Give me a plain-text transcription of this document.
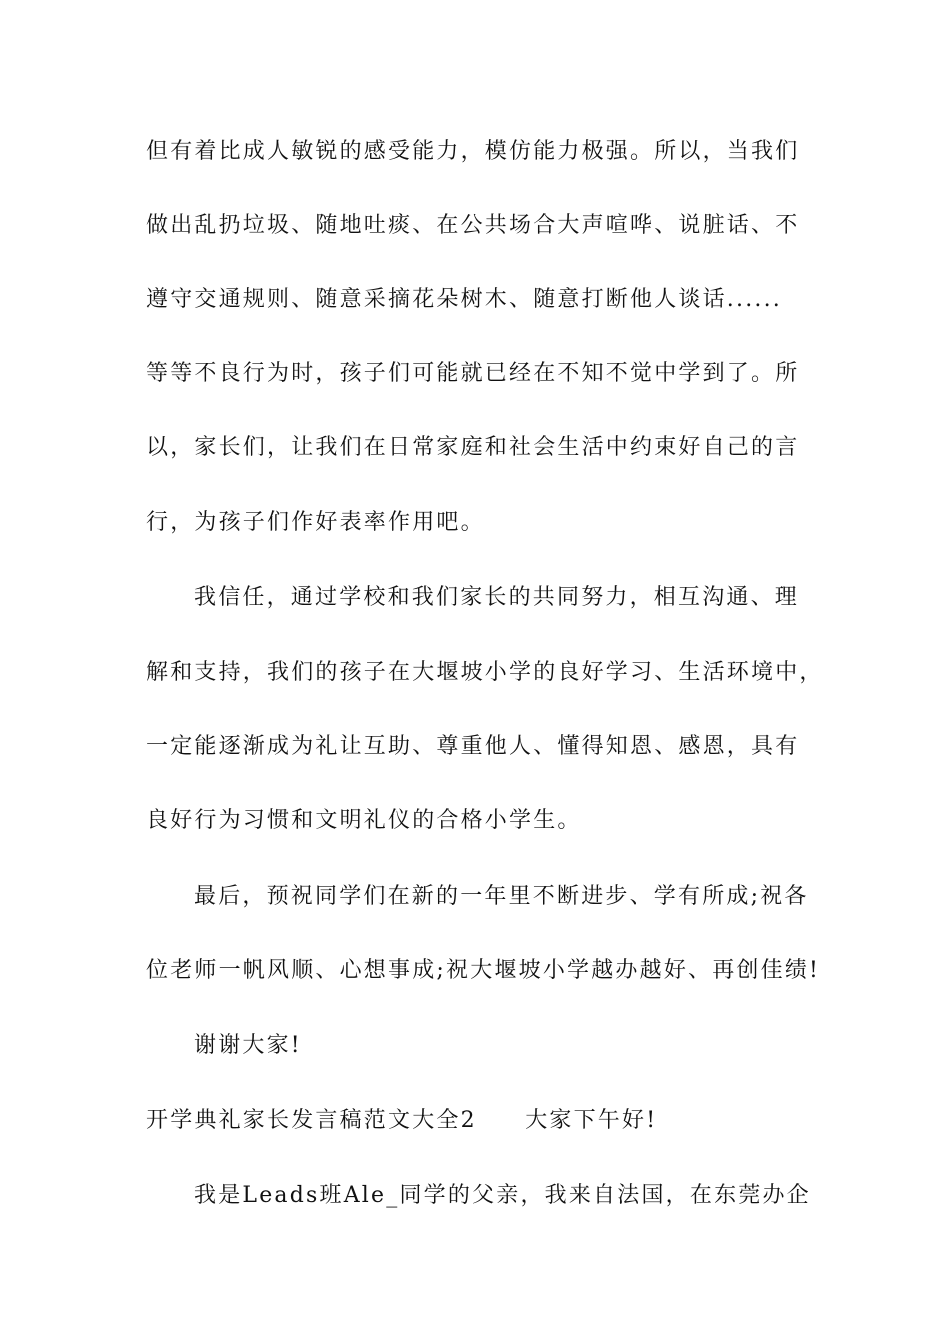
但有着比成人敏锐的感受能力，模仿能力极强。所以，当我们
做出乱扔垃圾、随地吐痰、在公共场合大声喧哗、说脏话、不
遵守交通规则、随意采摘花朵树木、随意打断他人谈话......
等等不良行为时，孩子们可能就已经在不知不觉中学到了。所
以，家长们，让我们在日常家庭和社会生活中约束好自己的言
行，为孩子们作好表率作用吧。
我信任，通过学校和我们家长的共同努力，相互沟通、理
解和支持，我们的孩子在大堰坡小学的良好学习、生活环境中，
一定能逐渐成为礼让互助、尊重他人、懂得知恩、感恩，具有
良好行为习惯和文明礼仪的合格小学生。
最后，预祝同学们在新的一年里不断进步、学有所成;祝各
位老师一帆风顺、心想事成;祝大堰坡小学越办越好、再创佳绩!
谢谢大家!
开学典礼家长发言稿范文大全2　　大家下午好!
我是Leads班Ale_同学的父亲，我来自法国，在东莞办企
